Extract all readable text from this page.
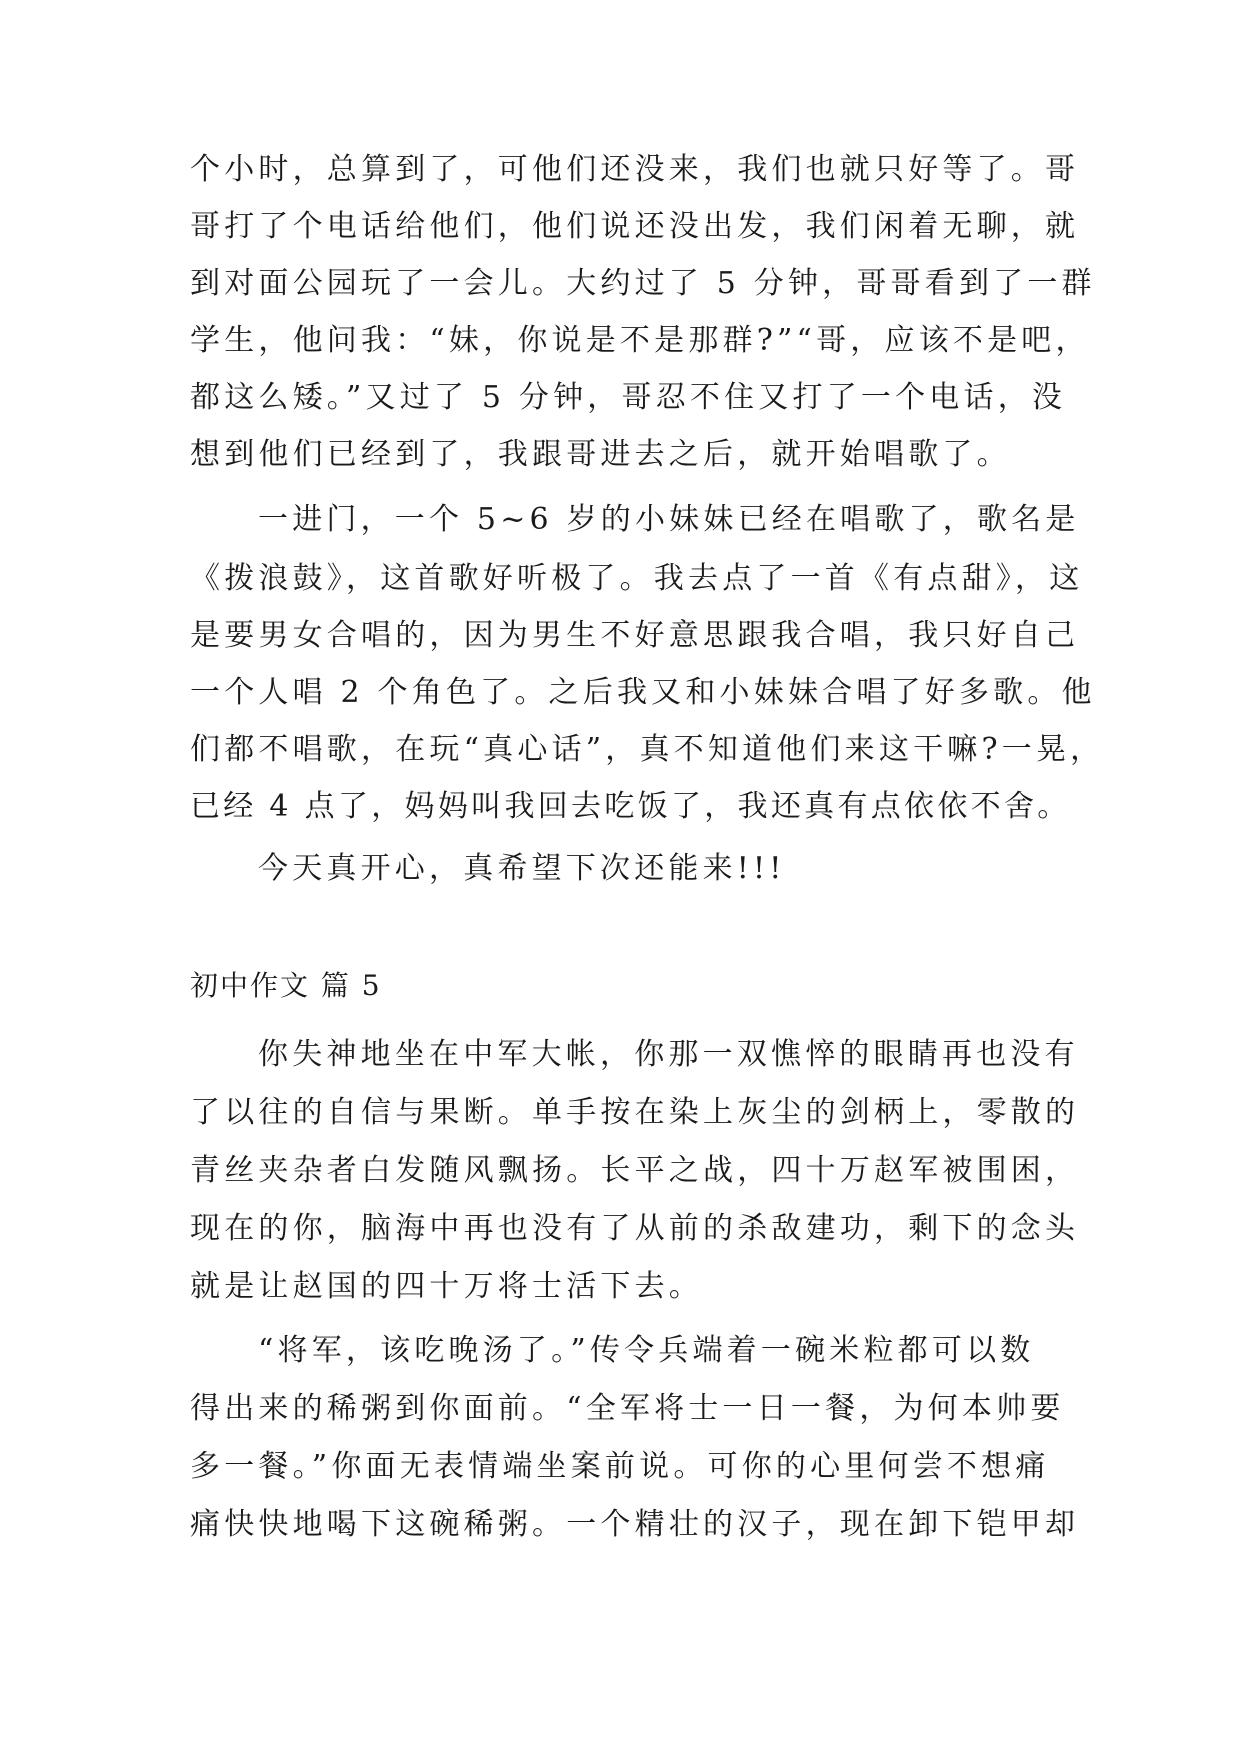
个小时，总算到了，可他们还没来，我们也就只好等了。哥
哥打了个电话给他们，他们说还没出发，我们闲着无聊，就
到对面公园玩了一会儿。大约过了 5 分钟，哥哥看到了一群
学生，他问我：“妹，你说是不是那群?”“哥，应该不是吧，
都这么矮。”又过了 5 分钟，哥忍不住又打了一个电话，没
想到他们已经到了，我跟哥进去之后，就开始唱歌了。
一进门，一个 5~6 岁的小妹妹已经在唱歌了，歌名是
《拨浪鼓》，这首歌好听极了。我去点了一首《有点甜》，这
是要男女合唱的，因为男生不好意思跟我合唱，我只好自己
一个人唱 2 个角色了。之后我又和小妹妹合唱了好多歌。他
们都不唱歌，在玩“真心话”，真不知道他们来这干嘛?一晃，
已经 4 点了，妈妈叫我回去吃饭了，我还真有点依依不舍。
今天真开心，真希望下次还能来!!!
初中作文 篇 5
你失神地坐在中军大帐，你那一双憔悴的眼睛再也没有
了以往的自信与果断。单手按在染上灰尘的剑柄上，零散的
青丝夹杂者白发随风飘扬。长平之战，四十万赵军被围困，
现在的你，脑海中再也没有了从前的杀敌建功，剩下的念头
就是让赵国的四十万将士活下去。
“将军，该吃晚汤了。”传令兵端着一碗米粒都可以数
得出来的稀粥到你面前。“全军将士一日一餐，为何本帅要
多一餐。”你面无表情端坐案前说。可你的心里何尝不想痛
痛快快地喝下这碗稀粥。一个精壮的汉子，现在卸下铠甲却
